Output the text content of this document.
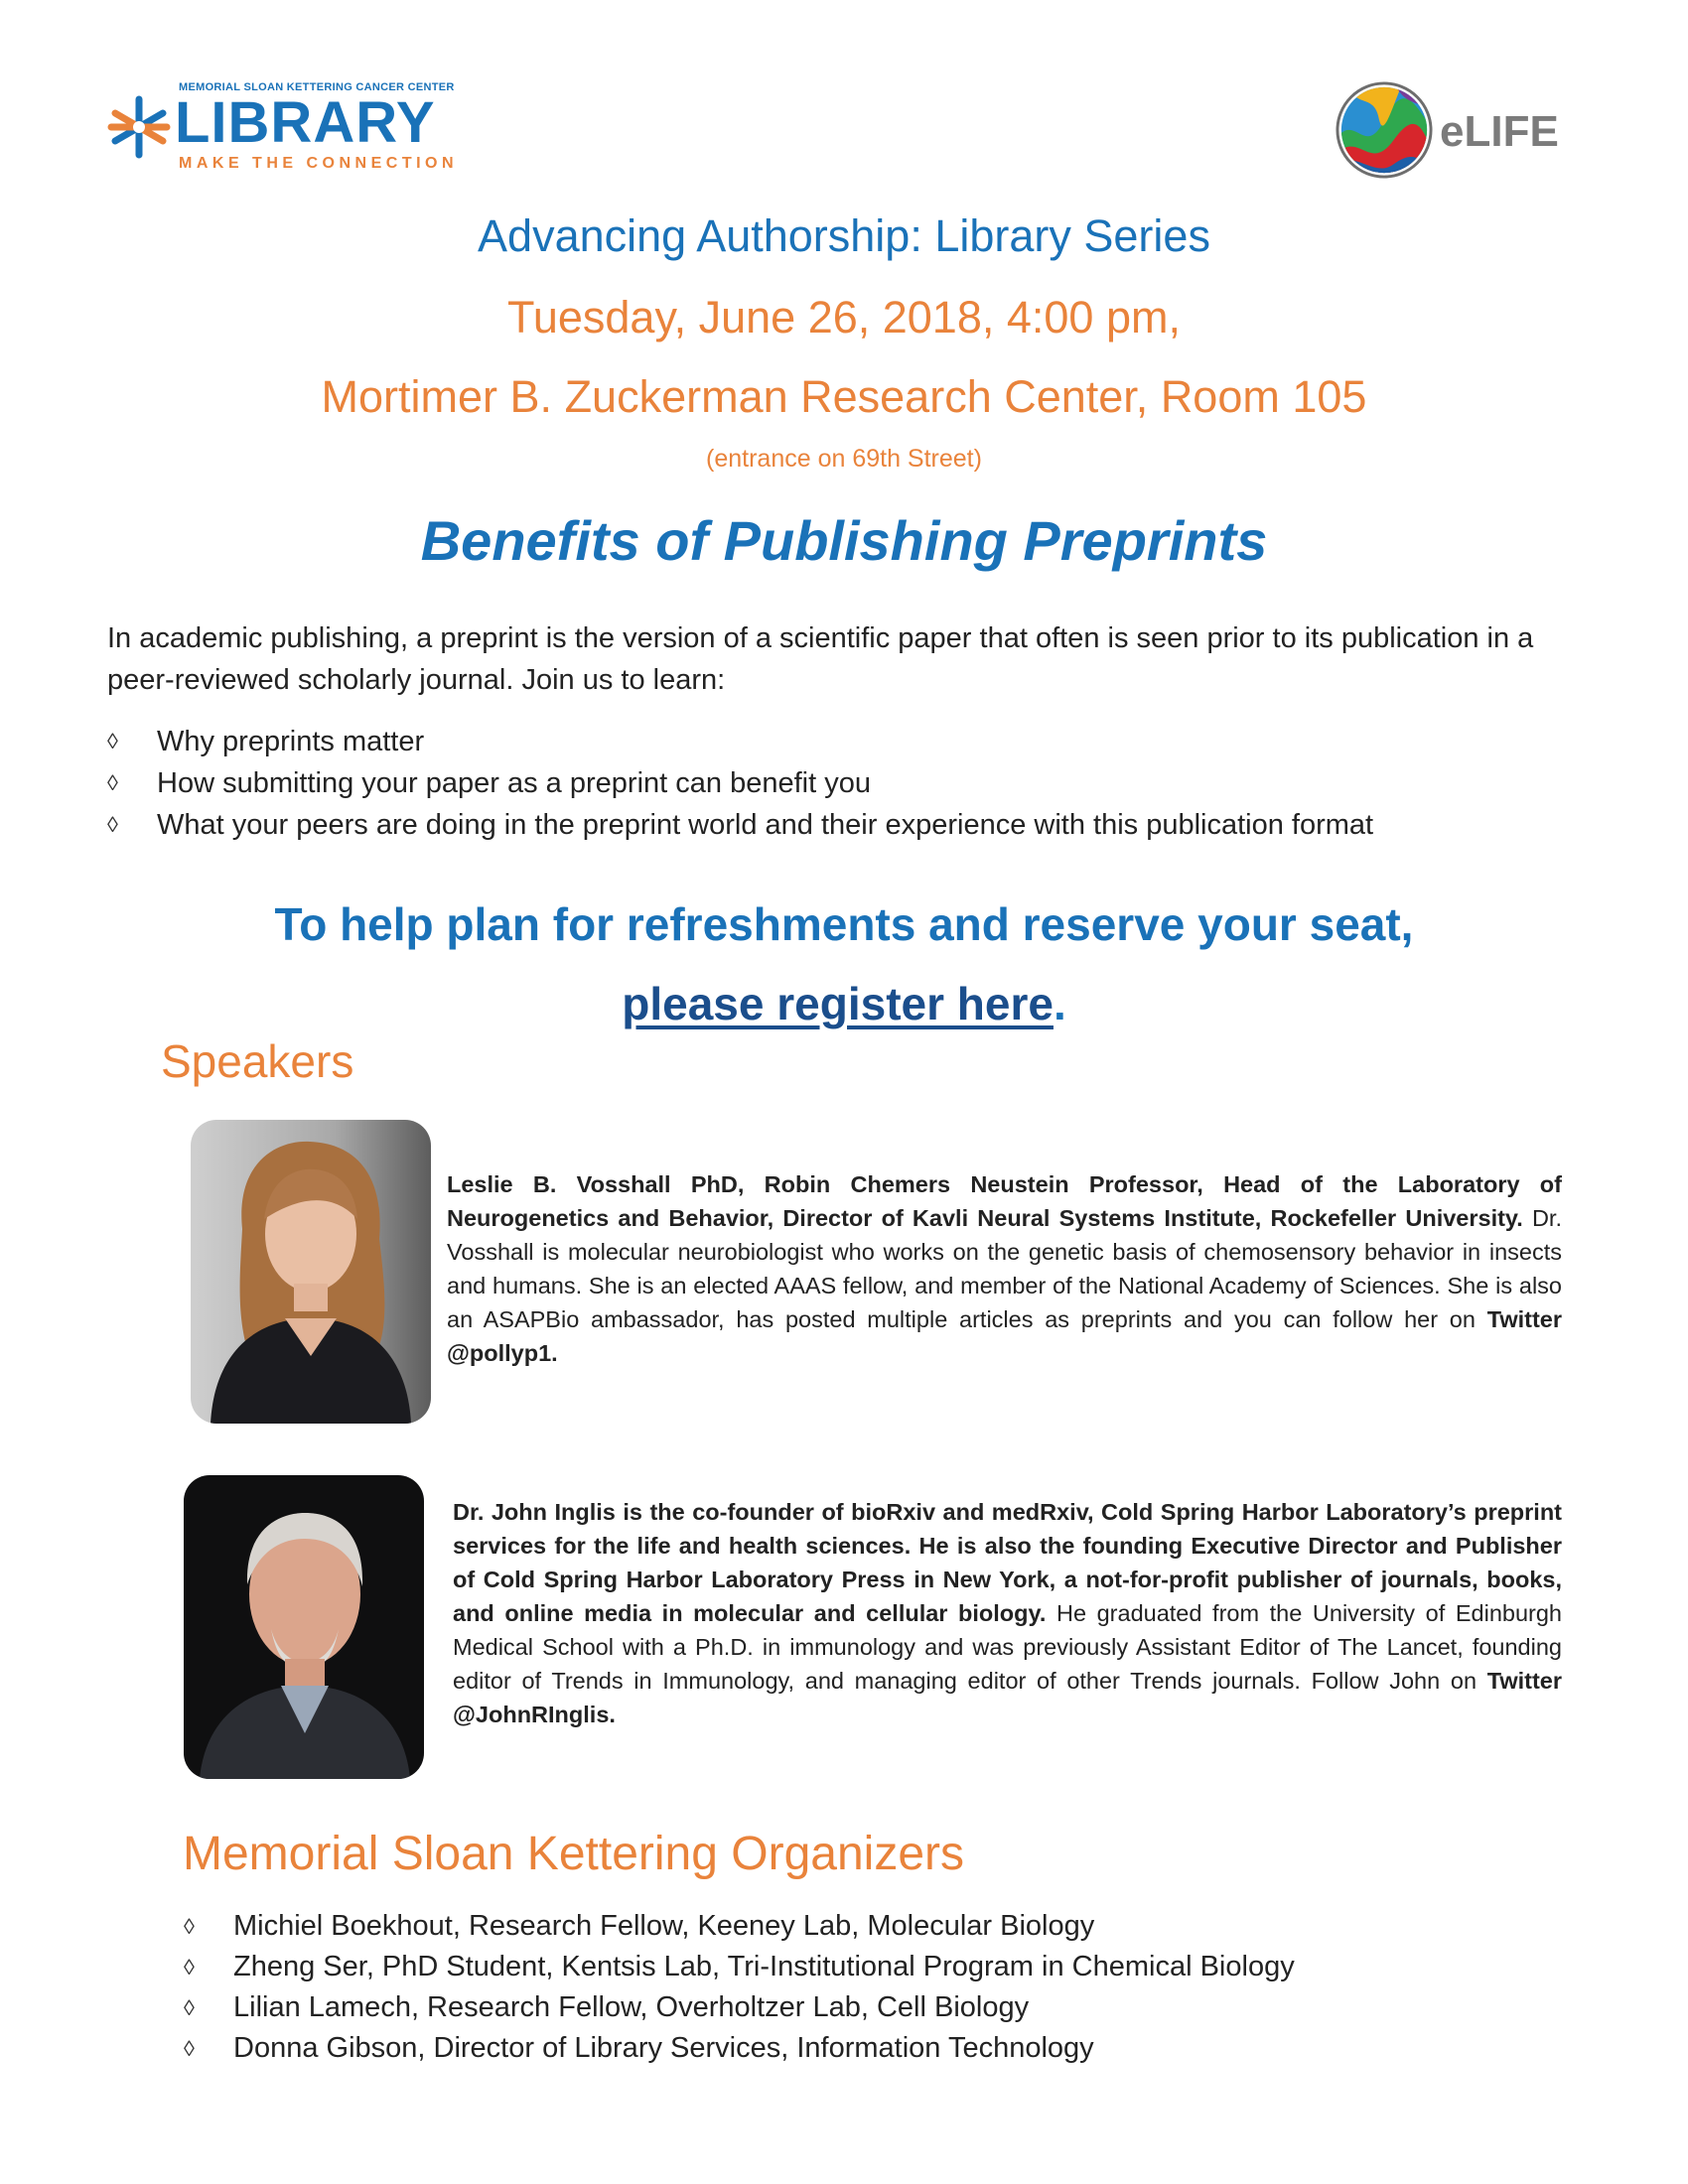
MEMORIAL SLOAN KETTERING CANCER CENTER
LIBRARY
MAKE THE CONNECTION
eLIFE
Advancing Authorship: Library Series
Tuesday, June 26, 2018, 4:00 pm,
Mortimer B. Zuckerman Research Center, Room 105
(entrance on 69th Street)
Benefits of Publishing Preprints
In academic publishing, a preprint is the version of a scientific paper that often is seen prior to its publication in a peer-reviewed scholarly journal. Join us to learn:
◊ Why preprints matter
◊ How submitting your paper as a preprint can benefit you
◊ What your peers are doing in the preprint world and their experience with this publication format
To help plan for refreshments and reserve your seat,
please register here.
Speakers
Leslie B. Vosshall PhD, Robin Chemers Neustein Professor, Head of the Laboratory of Neurogenetics and Behavior, Director of Kavli Neural Systems Institute, Rockefeller University. Dr. Vosshall is molecular neurobiologist who works on the genetic basis of chemosensory behavior in insects and humans. She is an elected AAAS fellow, and member of the National Academy of Sciences. She is also an ASAPBio ambassador, has posted multiple articles as preprints and you can follow her on Twitter @pollyp1.
Dr. John Inglis is the co-founder of bioRxiv and medRxiv, Cold Spring Harbor Laboratory’s preprint services for the life and health sciences. He is also the founding Executive Director and Publisher of Cold Spring Harbor Laboratory Press in New York, a not-for-profit publisher of journals, books, and online media in molecular and cellular biology. He graduated from the University of Edinburgh Medical School with a Ph.D. in immunology and was previously Assistant Editor of The Lancet, founding editor of Trends in Immunology, and managing editor of other Trends journals. Follow John on Twitter @JohnRInglis.
Memorial Sloan Kettering Organizers
◊ Michiel Boekhout, Research Fellow, Keeney Lab, Molecular Biology
◊ Zheng Ser, PhD Student, Kentsis Lab, Tri-Institutional Program in Chemical Biology
◊ Lilian Lamech, Research Fellow, Overholtzer Lab, Cell Biology
◊ Donna Gibson, Director of Library Services, Information Technology
